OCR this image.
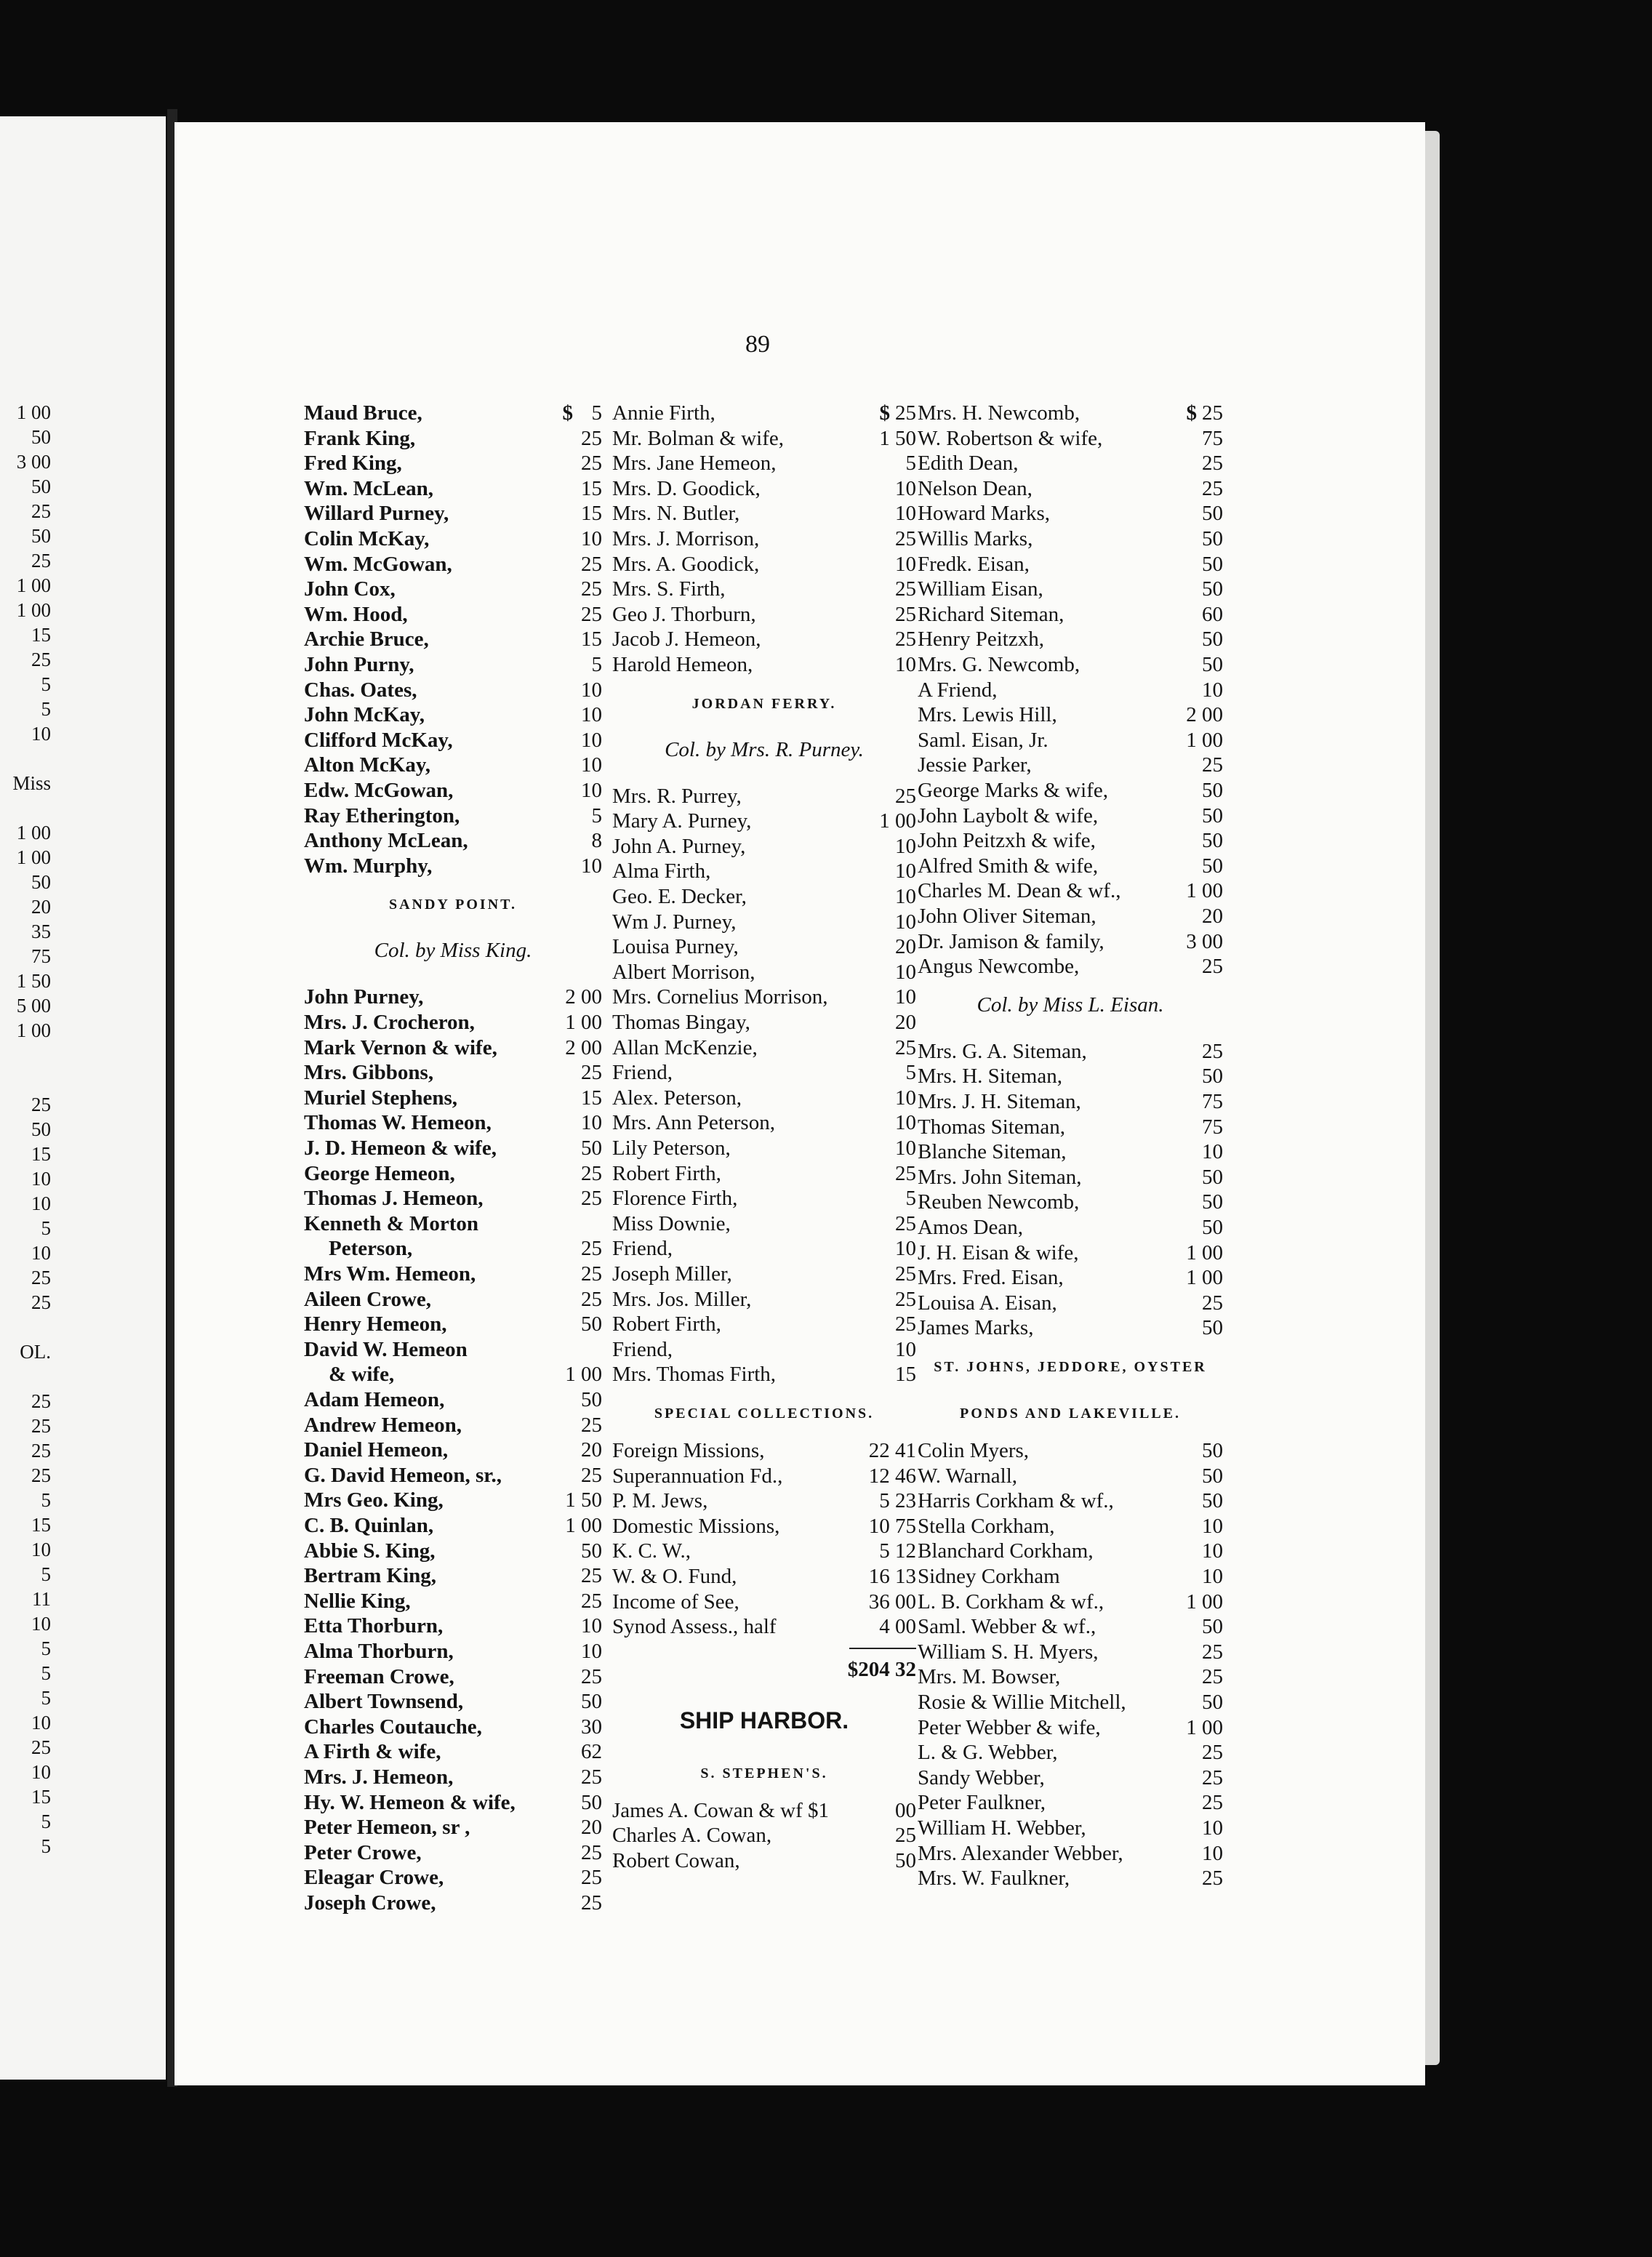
1 00
50
3 00
50
25
50
25
1 00
1 00
15
25
5
5
10
Miss
1 00
1 00
50
20
35
75
1 50
5 00
1 00
25
50
15
10
10
5
10
25
25
OL.
25
25
25
25
5
15
10
5
11
10
5
5
5
10
25
10
15
5
5
89
Maud Bruce,	$ 5
Frank King,	25
Fred King,	25
Wm. McLean,	15
Willard Purney,	15
Colin McKay,	10
Wm. McGowan,	25
John Cox,	25
Wm. Hood,	25
Archie Bruce,	15
John Purny,	5
Chas. Oates,	10
John McKay,	10
Clifford McKay,	10
Alton McKay,	10
Edw. McGowan,	10
Ray Etherington,	5
Anthony McLean,	8
Wm. Murphy,	10
SANDY POINT.
Col. by Miss King.
John Purney,	2 00
Mrs. J. Crocheron,	1 00
Mark Vernon & wife,	2 00
Mrs. Gibbons,	25
Muriel Stephens,	15
Thomas W. Hemeon,	10
J. D. Hemeon & wife,	50
George Hemeon,	25
Thomas J. Hemeon,	25
Kenneth & Morton
Peterson,	25
Mrs Wm. Hemeon,	25
Aileen Crowe,	25
Henry Hemeon,	50
David W. Hemeon
& wife,	1 00
Adam Hemeon,	50
Andrew Hemeon,	25
Daniel Hemeon,	20
G. David Hemeon, sr.,	25
Mrs Geo. King,	1 50
C. B. Quinlan,	1 00
Abbie S. King,	50
Bertram King,	25
Nellie King,	25
Etta Thorburn,	10
Alma Thorburn,	10
Freeman Crowe,	25
Albert Townsend,	50
Charles Coutauche,	30
A Firth & wife,	62
Mrs. J. Hemeon,	25
Hy. W. Hemeon & wife,	50
Peter Hemeon, sr ,	20
Peter Crowe,	25
Eleagar Crowe,	25
Joseph Crowe,	25
Annie Firth,	$ 25
Mr. Bolman & wife,	1 50
Mrs. Jane Hemeon,	5
Mrs. D. Goodick,	10
Mrs. N. Butler,	10
Mrs. J. Morrison,	25
Mrs. A. Goodick,	10
Mrs. S. Firth,	25
Geo J. Thorburn,	25
Jacob J. Hemeon,	25
Harold Hemeon,	10
JORDAN FERRY.
Col. by Mrs. R. Purney.
Mrs. R. Purrey,	25
Mary A. Purney,	1 00
John A. Purney,	10
Alma Firth,	10
Geo. E. Decker,	10
Wm J. Purney,	10
Louisa Purney,	20
Albert Morrison,	10
Mrs. Cornelius Morrison,	10
Thomas Bingay,	20
Allan McKenzie,	25
Friend,	5
Alex. Peterson,	10
Mrs. Ann Peterson,	10
Lily Peterson,	10
Robert Firth,	25
Florence Firth,	5
Miss Downie,	25
Friend,	10
Joseph Miller,	25
Mrs. Jos. Miller,	25
Robert Firth,	25
Friend,	10
Mrs. Thomas Firth,	15
SPECIAL COLLECTIONS.
Foreign Missions,	22 41
Superannuation Fd.,	12 46
P. M. Jews,	5 23
Domestic Missions,	10 75
K. C. W.,	5 12
W. & O. Fund,	16 13
Income of See,	36 00
Synod Assess., half	4 00
$204 32
SHIP HARBOR.
S. STEPHEN'S.
James A. Cowan & wf $1	00
Charles A. Cowan,	25
Robert Cowan,	50
Mrs. H. Newcomb,	$ 25
W. Robertson & wife,	75
Edith Dean,	25
Nelson Dean,	25
Howard Marks,	50
Willis Marks,	50
Fredk. Eisan,	50
William Eisan,	50
Richard Siteman,	60
Henry Peitzxh,	50
Mrs. G. Newcomb,	50
A Friend,	10
Mrs. Lewis Hill,	2 00
Saml. Eisan, Jr.	1 00
Jessie Parker,	25
George Marks & wife,	50
John Laybolt & wife,	50
John Peitzxh & wife,	50
Alfred Smith & wife,	50
Charles M. Dean & wf.,	1 00
John Oliver Siteman,	20
Dr. Jamison & family,	3 00
Angus Newcombe,	25
Col. by Miss L. Eisan.
Mrs. G. A. Siteman,	25
Mrs. H. Siteman,	50
Mrs. J. H. Siteman,	75
Thomas Siteman,	75
Blanche Siteman,	10
Mrs. John Siteman,	50
Reuben Newcomb,	50
Amos Dean,	50
J. H. Eisan & wife,	1 00
Mrs. Fred. Eisan,	1 00
Louisa A. Eisan,	25
James Marks,	50
ST. JOHNS, JEDDORE, OYSTER
PONDS AND LAKEVILLE.
Colin Myers,	50
W. Warnall,	50
Harris Corkham & wf.,	50
Stella Corkham,	10
Blanchard Corkham,	10
Sidney Corkham	10
L. B. Corkham & wf.,	1 00
Saml. Webber & wf.,	50
William S. H. Myers,	25
Mrs. M. Bowser,	25
Rosie & Willie Mitchell,	50
Peter Webber & wife,	1 00
L. & G. Webber,	25
Sandy Webber,	25
Peter Faulkner,	25
William H. Webber,	10
Mrs. Alexander Webber,	10
Mrs. W. Faulkner,	25
